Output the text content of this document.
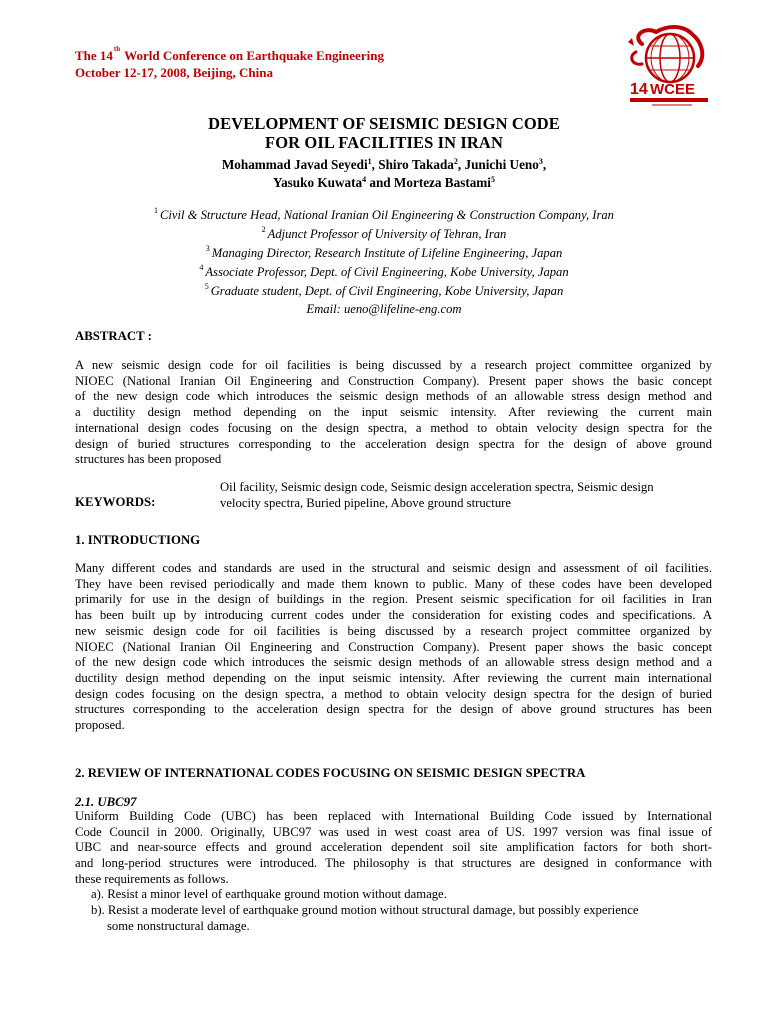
The 14th World Conference on Earthquake Engineering
October 12-17, 2008, Beijing, China
14 WCEE
DEVELOPMENT OF SEISMIC DESIGN CODE
FOR OIL FACILITIES IN IRAN
Mohammad Javad Seyedi$^1$, Shiro Takada$^2$, Junichi Ueno$^3$,
Yasuko Kuwata$^4$ and Morteza Bastami$^5$
$^1$ Civil & Structure Head, National Iranian Oil Engineering & Construction Company, Iran
$^2$ Adjunct Professor of University of Tehran, Iran
$^3$ Managing Director, Research Institute of Lifeline Engineering, Japan
$^4$ Associate Professor, Dept. of Civil Engineering, Kobe University, Japan
$^5$ Graduate student, Dept. of Civil Engineering, Kobe University, Japan
Email: ueno@lifeline-eng.com
ABSTRACT :
A new seismic design code for oil facilities is being discussed by a research project committee organized by
NIOEC (National Iranian Oil Engineering and Construction Company). Present paper shows the basic concept
of the new design code which introduces the seismic design methods of an allowable stress design method and
a ductility design method depending on the input seismic intensity. After reviewing the current main
international design codes focusing on the design spectra, a method to obtain velocity design spectra for the
design of buried structures corresponding to the acceleration design spectra for the design of above ground
structures has been proposed
KEYWORDS:
Oil facility, Seismic design code, Seismic design acceleration spectra, Seismic design
velocity spectra, Buried pipeline, Above ground structure
1. INTRODUCTIONG
Many different codes and standards are used in the structural and seismic design and assessment of oil facilities.
They have been revised periodically and made them known to public. Many of these codes have been developed
primarily for use in the design of buildings in the region. Present seismic specification for oil facilities in Iran
has been built up by introducing current codes under the consideration for existing codes and specifications. A
new seismic design code for oil facilities is being discussed by a research project committee organized by
NIOEC (National Iranian Oil Engineering and Construction Company). Present paper shows the basic concept
of the new design code which introduces the seismic design methods of an allowable stress design method and a
ductility design method depending on the input seismic intensity. After reviewing the current main international
design codes focusing on the design spectra, a method to obtain velocity design spectra for the design of buried
structures corresponding to the acceleration design spectra for the design of above ground structures has been
proposed.
2. REVIEW OF INTERNATIONAL CODES FOCUSING ON SEISMIC DESIGN SPECTRA
2.1. UBC97
Uniform Building Code (UBC) has been replaced with International Building Code issued by International
Code Council in 2000. Originally, UBC97 was used in west coast area of US. 1997 version was final issue of
UBC and near-source effects and ground acceleration dependent soil site amplification factors for both short-
and long-period structures were introduced. The philosophy is that structures are designed in conformance with
these requirements as follows.
a). Resist a minor level of earthquake ground motion without damage.
b). Resist a moderate level of earthquake ground motion without structural damage, but possibly experience
some nonstructural damage.
